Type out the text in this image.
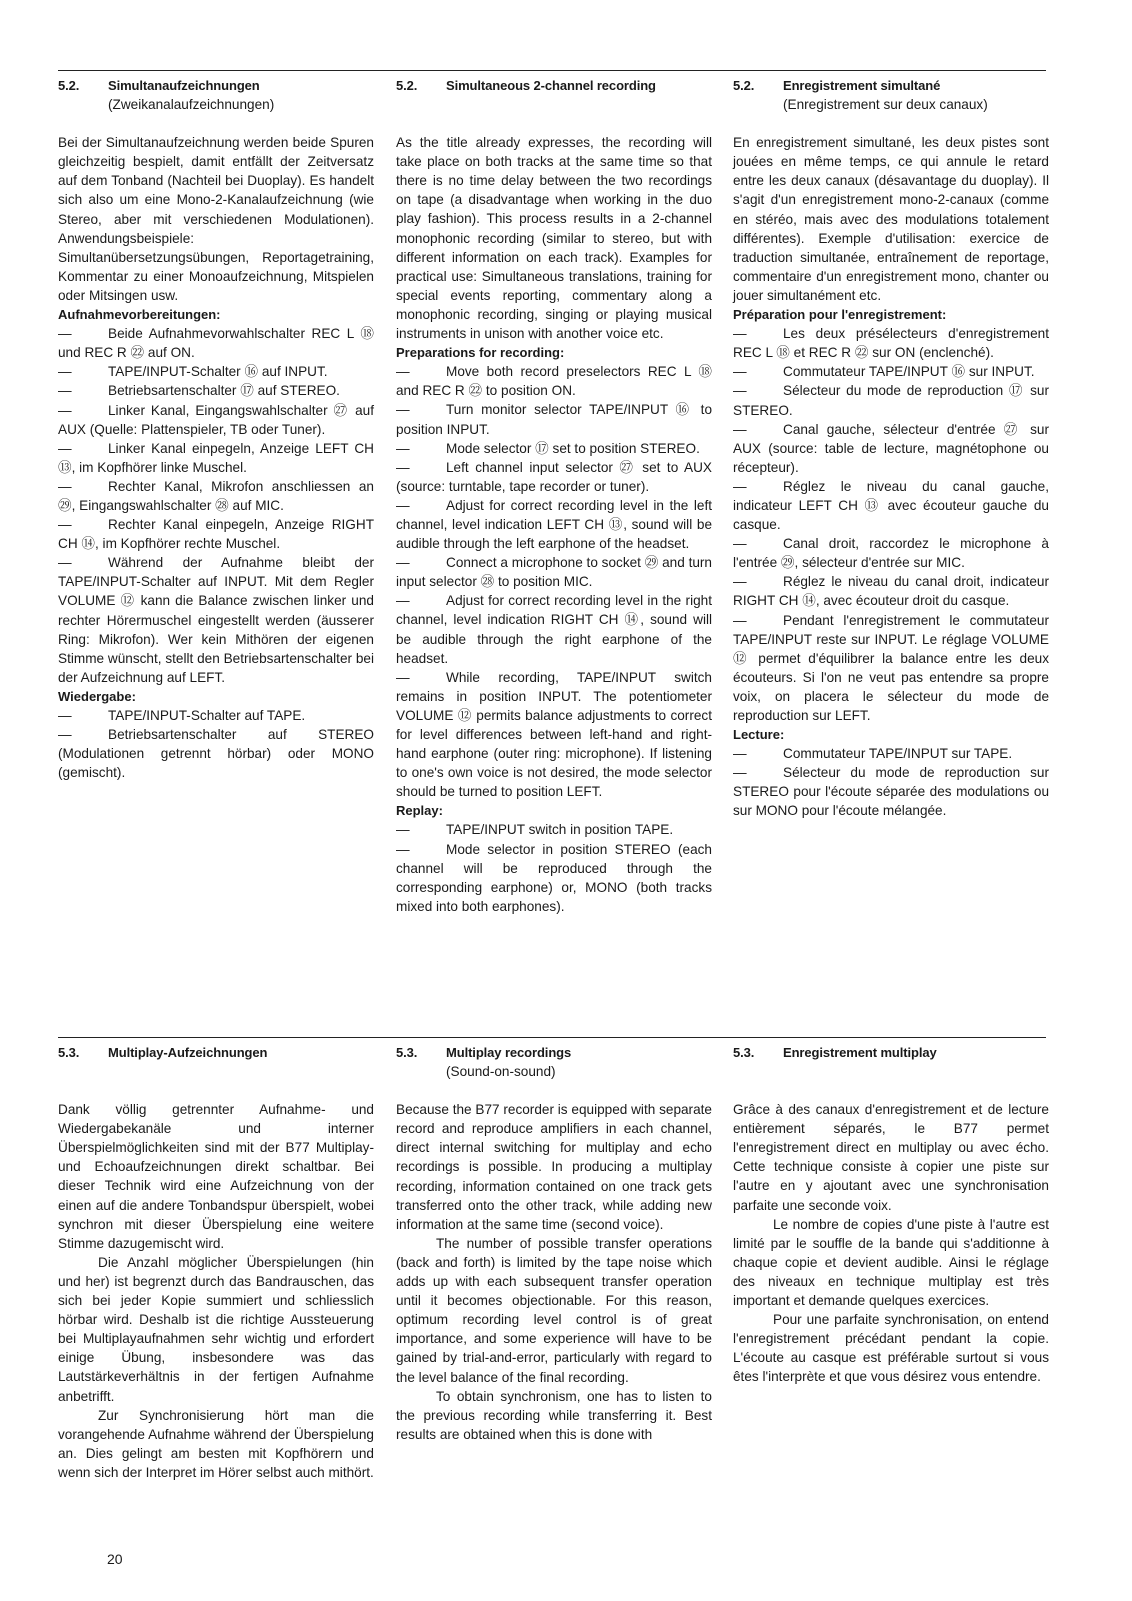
5.2.	Simultanaufzeichnungen
(Zweikanalaufzeichnungen)

Bei der Simultanaufzeichnung werden beide Spuren gleichzeitig bespielt, damit entfällt der Zeitversatz auf dem Tonband (Nachteil bei Duoplay). Es handelt sich also um eine Mono-2-Kanalaufzeichnung (wie Stereo, aber mit verschiedenen Modulationen). Anwendungsbeispiele: Simultanübersetzungsübungen, Reportagetraining, Kommentar zu einer Monoaufzeichnung, Mitspielen oder Mitsingen usw.

Aufnahmevorbereitungen:

— Beide Aufnahmevorwahlschalter REC L ⑱ und REC R ㉒ auf ON.

— TAPE/INPUT-Schalter ⑯ auf INPUT.

— Betriebsartenschalter ⑰ auf STEREO.

— Linker Kanal, Eingangswahlschalter ㉗ auf AUX (Quelle: Plattenspieler, TB oder Tuner).

— Linker Kanal einpegeln, Anzeige LEFT CH ⑬, im Kopfhörer linke Muschel.

— Rechter Kanal, Mikrofon anschliessen an ㉙, Eingangswahlschalter ㉘ auf MIC.

— Rechter Kanal einpegeln, Anzeige RIGHT CH ⑭, im Kopfhörer rechte Muschel.

— Während der Aufnahme bleibt der TAPE/INPUT-Schalter auf INPUT. Mit dem Regler VOLUME ⑫ kann die Balance zwischen linker und rechter Hörermuschel eingestellt werden (äusserer Ring: Mikrofon). Wer kein Mithören der eigenen Stimme wünscht, stellt den Betriebsartenschalter bei der Aufzeichnung auf LEFT.

Wiedergabe:

— TAPE/INPUT-Schalter auf TAPE.

— Betriebsartenschalter auf STEREO (Modulationen getrennt hörbar) oder MONO (gemischt).

5.2.	Simultaneous 2-channel recording

As the title already expresses, the recording will take place on both tracks at the same time so that there is no time delay between the two recordings on tape (a disadvantage when working in the duo play fashion). This process results in a 2-channel monophonic recording (similar to stereo, but with different information on each track). Examples for practical use: Simultaneous translations, training for special events reporting, commentary along a monophonic recording, singing or playing musical instruments in unison with another voice etc.

Preparations for recording:

— Move both record preselectors REC L ⑱ and REC R ㉒ to position ON.

— Turn monitor selector TAPE/INPUT ⑯ to position INPUT.

— Mode selector ⑰ set to position STEREO.

— Left channel input selector ㉗ set to AUX (source: turntable, tape recorder or tuner).

— Adjust for correct recording level in the left channel, level indication LEFT CH ⑬, sound will be audible through the left earphone of the headset.

— Connect a microphone to socket ㉙ and turn input selector ㉘ to position MIC.

— Adjust for correct recording level in the right channel, level indication RIGHT CH ⑭, sound will be audible through the right earphone of the headset.

— While recording, TAPE/INPUT switch remains in position INPUT. The potentiometer VOLUME ⑫ permits balance adjustments to correct for level differences between left-hand and right-hand earphone (outer ring: microphone). If listening to one's own voice is not desired, the mode selector should be turned to position LEFT.

Replay:

— TAPE/INPUT switch in position TAPE.

— Mode selector in position STEREO (each channel will be reproduced through the corresponding earphone) or, MONO (both tracks mixed into both earphones).

5.2.	Enregistrement simultané
(Enregistrement sur deux canaux)

En enregistrement simultané, les deux pistes sont jouées en même temps, ce qui annule le retard entre les deux canaux (désavantage du duoplay). Il s'agit d'un enregistrement mono-2-canaux (comme en stéréo, mais avec des modulations totalement différentes). Exemple d'utilisation: exercice de traduction simultanée, entraînement de reportage, commentaire d'un enregistrement mono, chanter ou jouer simultanément etc.

Préparation pour l'enregistrement:

— Les deux présélecteurs d'enregistrement REC L ⑱ et REC R ㉒ sur ON (enclenché).

— Commutateur TAPE/INPUT ⑯ sur INPUT.

— Sélecteur du mode de reproduction ⑰ sur STEREO.

— Canal gauche, sélecteur d'entrée ㉗ sur AUX (source: table de lecture, magnétophone ou récepteur).

— Réglez le niveau du canal gauche, indicateur LEFT CH ⑬ avec écouteur gauche du casque.

— Canal droit, raccordez le microphone à l'entrée ㉙, sélecteur d'entrée sur MIC.

— Réglez le niveau du canal droit, indicateur RIGHT CH ⑭, avec écouteur droit du casque.

— Pendant l'enregistrement le commutateur TAPE/INPUT reste sur INPUT. Le réglage VOLUME ⑫ permet d'équilibrer la balance entre les deux écouteurs. Si l'on ne veut pas entendre sa propre voix, on placera le sélecteur du mode de reproduction sur LEFT.

Lecture:

— Commutateur TAPE/INPUT sur TAPE.

— Sélecteur du mode de reproduction sur STEREO pour l'écoute séparée des modulations ou sur MONO pour l'écoute mélangée.

5.3.	Multiplay-Aufzeichnungen

Dank völlig getrennter Aufnahme- und Wiedergabekanäle und interner Überspielmöglichkeiten sind mit der B77 Multiplay- und Echoaufzeichnungen direkt schaltbar. Bei dieser Technik wird eine Aufzeichnung von der einen auf die andere Tonbandspur überspielt, wobei synchron mit dieser Überspielung eine weitere Stimme dazugemischt wird.

Die Anzahl möglicher Überspielungen (hin und her) ist begrenzt durch das Bandrauschen, das sich bei jeder Kopie summiert und schliesslich hörbar wird. Deshalb ist die richtige Aussteuerung bei Multiplayaufnahmen sehr wichtig und erfordert einige Übung, insbesondere was das Lautstärkeverhältnis in der fertigen Aufnahme anbetrifft.

Zur Synchronisierung hört man die vorangehende Aufnahme während der Überspielung an. Dies gelingt am besten mit Kopfhörern und wenn sich der Interpret im Hörer selbst auch mithört.

5.3.	Multiplay recordings
(Sound-on-sound)

Because the B77 recorder is equipped with separate record and reproduce amplifiers in each channel, direct internal switching for multiplay and echo recordings is possible. In producing a multiplay recording, information contained on one track gets transferred onto the other track, while adding new information at the same time (second voice).

The number of possible transfer operations (back and forth) is limited by the tape noise which adds up with each subsequent transfer operation until it becomes objectionable. For this reason, optimum recording level control is of great importance, and some experience will have to be gained by trial-and-error, particularly with regard to the level balance of the final recording.

To obtain synchronism, one has to listen to the previous recording while transferring it. Best results are obtained when this is done with

5.3.	Enregistrement multiplay

Grâce à des canaux d'enregistrement et de lecture entièrement séparés, le B77 permet l'enregistrement direct en multiplay ou avec écho. Cette technique consiste à copier une piste sur l'autre en y ajoutant avec une synchronisation parfaite une seconde voix.

Le nombre de copies d'une piste à l'autre est limité par le souffle de la bande qui s'additionne à chaque copie et devient audible. Ainsi le réglage des niveaux en technique multiplay est très important et demande quelques exercices.

Pour une parfaite synchronisation, on entend l'enregistrement précédant pendant la copie. L'écoute au casque est préférable surtout si vous êtes l'interprète et que vous désirez vous entendre.

20
